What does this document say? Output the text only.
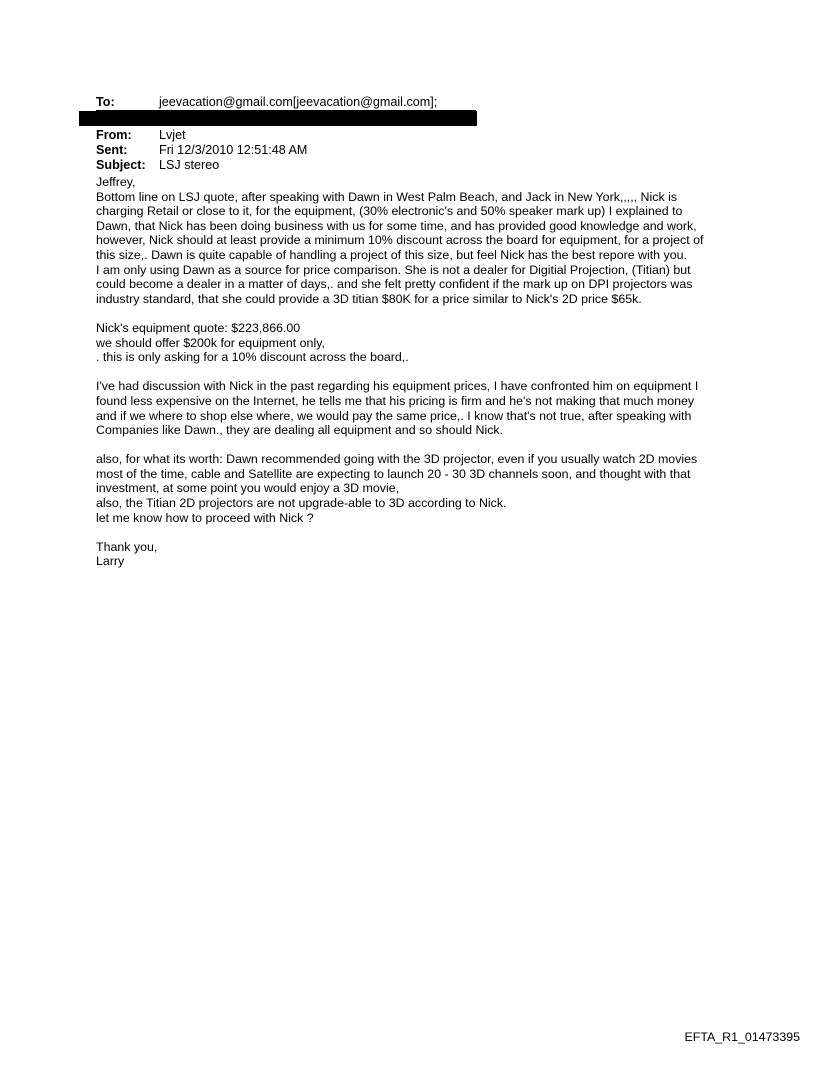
To:	jeevacation@gmail.com[jeevacation@gmail.com];
From: Lvjet
Sent:	Fri 12/3/2010 12:51:48 AM
Subject: LSJ stereo

Jeffrey,

Bottom line on LSJ quote, after speaking with Dawn in West Palm Beach, and Jack in New York,,,,, Nick is

charging Retail or close to it, for the equipment, (30% electronic's and 50% speaker mark up) I explained to

Dawn, that Nick has been doing business with us for some time, and has provided good knowledge and work,

however, Nick should at least provide a minimum 10% discount across the board for equipment, for a project of

this size,. Dawn is quite capable of handling a project of this size, but feel Nick has the best repore with you.

I am only using Dawn as a source for price comparison. She is not a dealer for Digitial Projection, (Titian) but

could become a dealer in a matter of days,. and she felt pretty confident if the mark up on DPI projectors was

industry standard, that she could provide a 3D titian $80K for a price similar to Nick's 2D price $65k.

Nick's equipment quote: $223,866.00

we should offer $200k for equipment only,

. this is only asking for a 10% discount across the board,.

I've had discussion with Nick in the past regarding his equipment prices, I have confronted him on equipment I

found less expensive on the Internet, he tells me that his pricing is firm and he's not making that much money

and if we where to shop else where, we would pay the same price,. I know that's not true, after speaking with

Companies like Dawn., they are dealing all equipment and so should Nick.

also, for what its worth: Dawn recommended going with the 3D projector, even if you usually watch 2D movies

most of the time, cable and Satellite are expecting to launch 20 - 30 3D channels soon, and thought with that

investment, at some point you would enjoy a 3D movie,

also, the Titian 2D projectors are not upgrade-able to 3D according to Nick.

let me know how to proceed with Nick ?

Thank you,

Larry

EFTA_R1_01473395
